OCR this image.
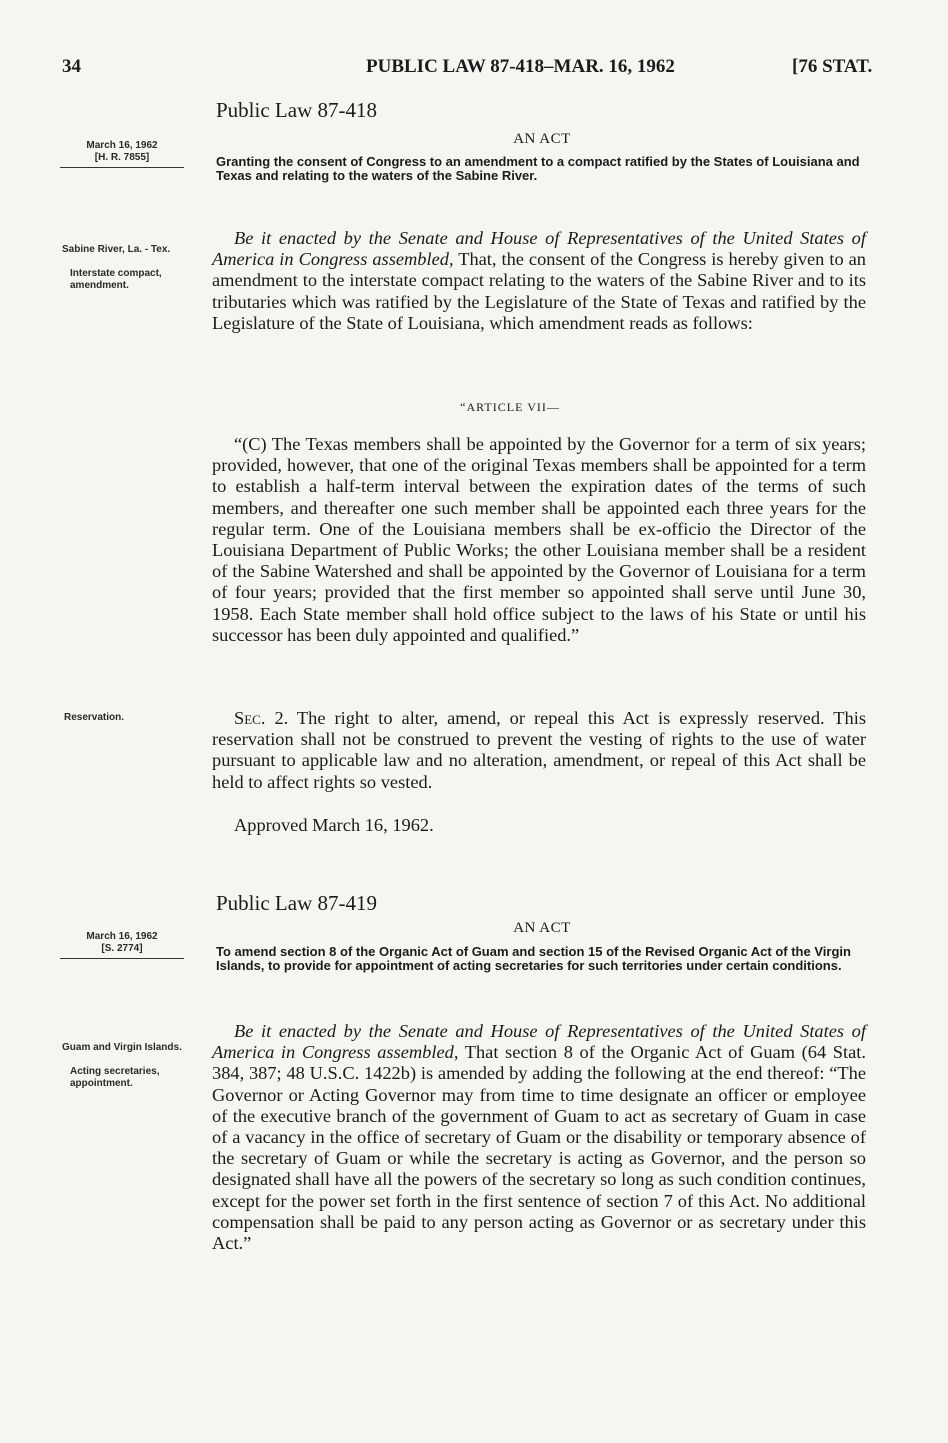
34	PUBLIC LAW 87-418–MAR. 16, 1962	[76 STAT.
Public Law 87-418
AN ACT
March 16, 1962
[H. R. 7855]	Granting the consent of Congress to an amendment to a compact ratified by the States of Louisiana and Texas and relating to the waters of the Sabine River.
Sabine River, La. - Tex.
Interstate compact, amendment.

Be it enacted by the Senate and House of Representatives of the United States of America in Congress assembled, That, the consent of the Congress is hereby given to an amendment to the interstate compact relating to the waters of the Sabine River and to its tributaries which was ratified by the Legislature of the State of Texas and ratified by the Legislature of the State of Louisiana, which amendment reads as follows:

“ARTICLE VII—

“(C) The Texas members shall be appointed by the Governor for a term of six years; provided, however, that one of the original Texas members shall be appointed for a term to establish a half-term interval between the expiration dates of the terms of such members, and thereafter one such member shall be appointed each three years for the regular term. One of the Louisiana members shall be ex-officio the Director of the Louisiana Department of Public Works; the other Louisiana member shall be a resident of the Sabine Watershed and shall be appointed by the Governor of Louisiana for a term of four years; provided that the first member so appointed shall serve until June 30, 1958. Each State member shall hold office subject to the laws of his State or until his successor has been duly appointed and qualified.”

Reservation.	Sec. 2. The right to alter, amend, or repeal this Act is expressly reserved. This reservation shall not be construed to prevent the vesting of rights to the use of water pursuant to applicable law and no alteration, amendment, or repeal of this Act shall be held to affect rights so vested.

Approved March 16, 1962.
Public Law 87-419
AN ACT
March 16, 1962
[S. 2774]	To amend section 8 of the Organic Act of Guam and section 15 of the Revised Organic Act of the Virgin Islands, to provide for appointment of acting secretaries for such territories under certain conditions.
Guam and Virgin Islands.
Acting secretaries, appointment.

Be it enacted by the Senate and House of Representatives of the United States of America in Congress assembled, That section 8 of the Organic Act of Guam (64 Stat. 384, 387; 48 U.S.C. 1422b) is amended by adding the following at the end thereof: “The Governor or Acting Governor may from time to time designate an officer or employee of the executive branch of the government of Guam to act as secretary of Guam in case of a vacancy in the office of secretary of Guam or the disability or temporary absence of the secretary of Guam or while the secretary is acting as Governor, and the person so designated shall have all the powers of the secretary so long as such condition continues, except for the power set forth in the first sentence of section 7 of this Act. No additional compensation shall be paid to any person acting as Governor or as secretary under this Act.”
